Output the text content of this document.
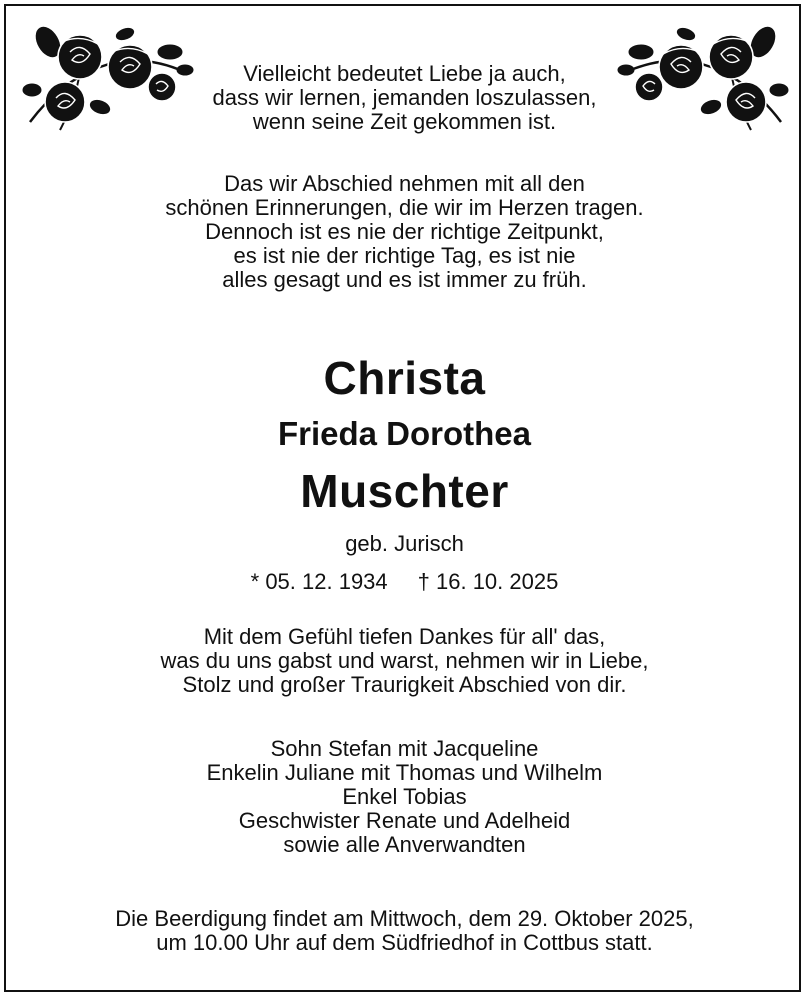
Vielleicht bedeutet Liebe ja auch,
dass wir lernen, jemanden loszulassen,
wenn seine Zeit gekommen ist.
Das wir Abschied nehmen mit all den
schönen Erinnerungen, die wir im Herzen tragen.
Dennoch ist es nie der richtige Zeitpunkt,
es ist nie der richtige Tag, es ist nie
alles gesagt und es ist immer zu früh.
Christa
Frieda Dorothea
Muschter
geb. Jurisch
* 05. 12. 1934 † 16. 10. 2025
Mit dem Gefühl tiefen Dankes für all' das,
was du uns gabst und warst, nehmen wir in Liebe,
Stolz und großer Traurigkeit Abschied von dir.
Sohn Stefan mit Jacqueline
Enkelin Juliane mit Thomas und Wilhelm
Enkel Tobias
Geschwister Renate und Adelheid
sowie alle Anverwandten
Die Beerdigung findet am Mittwoch, dem 29. Oktober 2025,
um 10.00 Uhr auf dem Südfriedhof in Cottbus statt.
